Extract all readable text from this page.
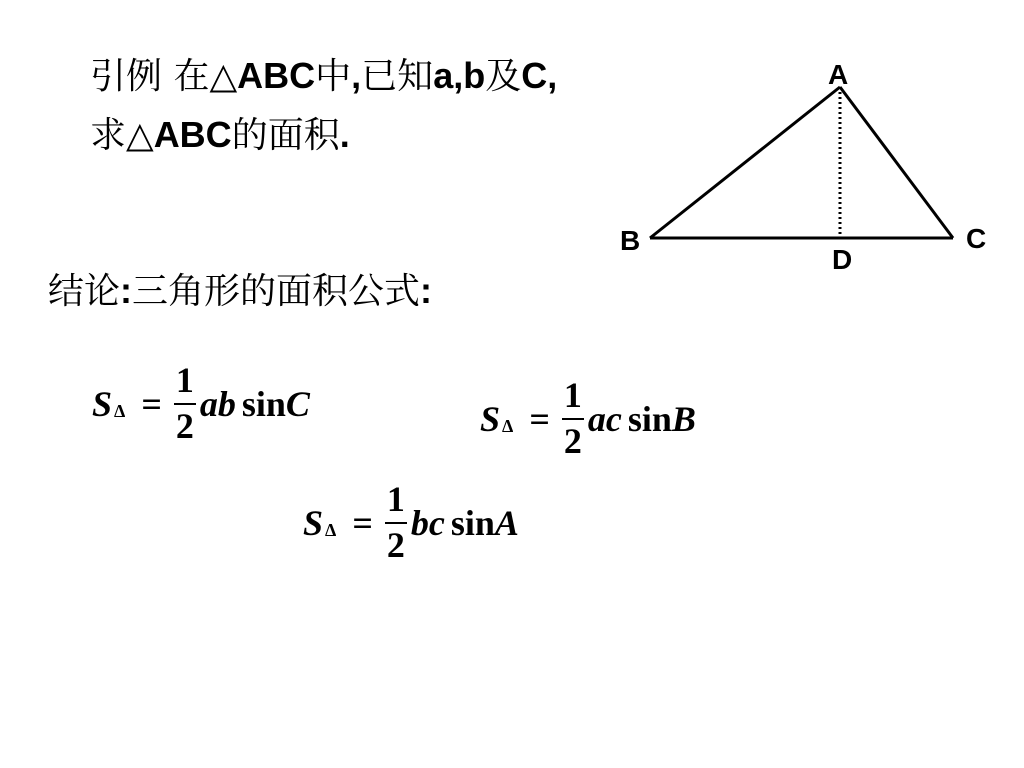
引例 在△ABC中,已知a,b及C,
求△ABC的面积.
结论:三角形的面积公式:
A
B	C
D
S $\Delta = \frac{1}{2}$ ab sin C	S $\Delta = \frac{1}{2}$ ac sin B
S $\Delta = \frac{1}{2}$ bc sin A
